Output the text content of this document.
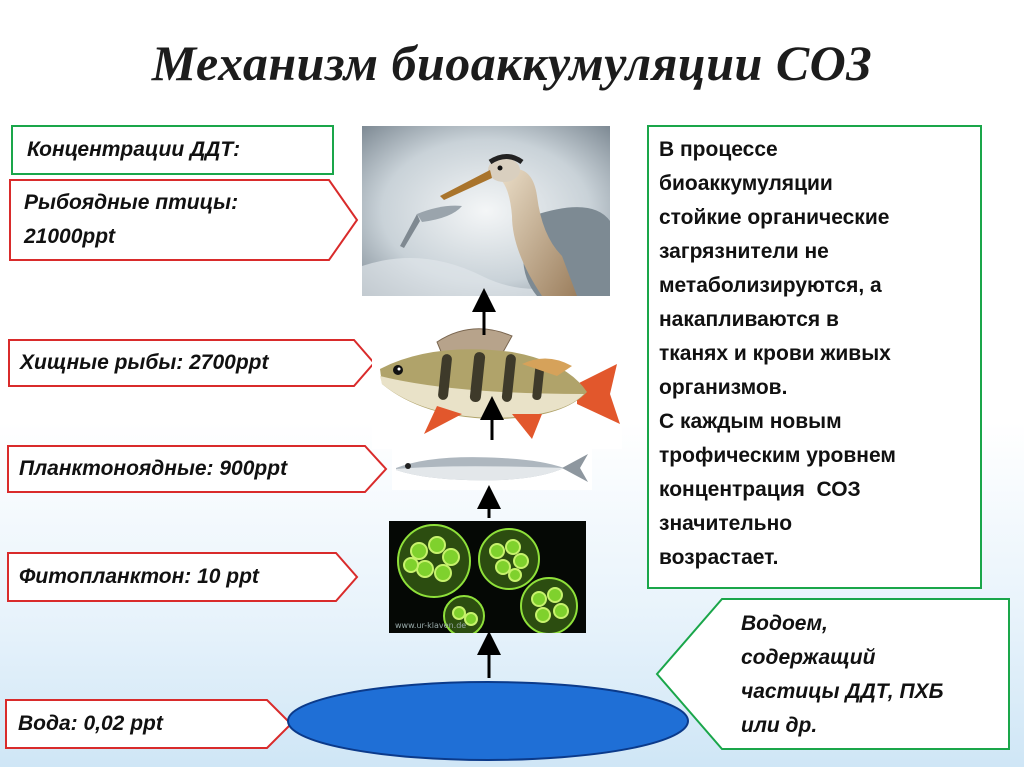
Механизм биоаккумуляции СОЗ
Концентрации ДДТ:
Рыбоядные птицы:
21000ppt
Хищные рыбы: 2700ppt
Планктоноядные: 900ppt
Фитопланктон: 10 ppt
Вода: 0,02 ppt
www.ur-klaven.de
В процессе
биоаккумуляции
стойкие органические
загрязнители не
метаболизируются, а
накапливаются в
тканях и крови живых
организмов.
С каждым новым
трофическим уровнем
концентрация  СОЗ
значительно
возрастает.
Водоем,
содержащий
частицы ДДТ, ПХБ
или др.
